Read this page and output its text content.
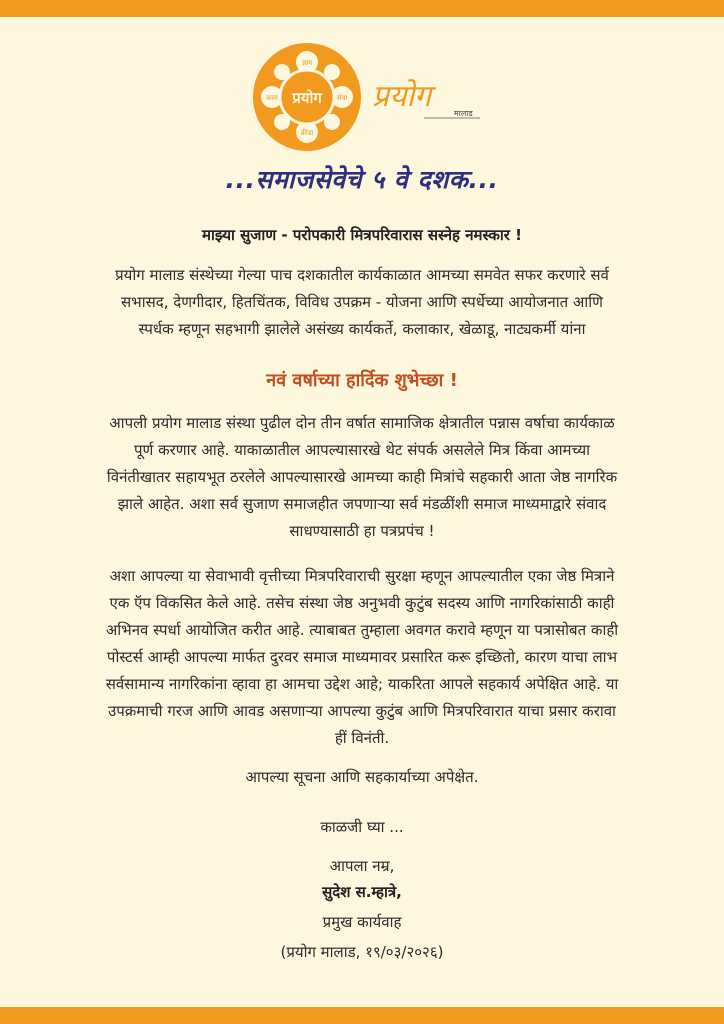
ज्ञान
कला
क्रीडा
सेवा
प्रयोग प्रयोग	मालाड
...समाजसेवेचे ५ वे दशक...
माझ्या सुजाण - परोपकारी मित्रपरिवारास सस्नेह नमस्कार !

प्रयोग मालाड संस्थेच्या गेल्या पाच दशकातील कार्यकाळात आमच्या समवेत सफर करणारे सर्व
सभासद, देणगीदार, हितचिंतक, विविध उपक्रम - योजना आणि स्पर्धेच्या आयोजनात आणि
स्पर्धक म्हणून सहभागी झालेले असंख्य कार्यकर्ते, कलाकार, खेळाडू, नाट्यकर्मी यांना

नवं वर्षाच्या हार्दिक शुभेच्छा !

आपली प्रयोग मालाड संस्था पुढील दोन तीन वर्षात सामाजिक क्षेत्रातील पन्नास वर्षाचा कार्यकाळ
पूर्ण करणार आहे. याकाळातील आपल्यासारखे थेट संपर्क असलेले मित्र किंवा आमच्या
विनंतीखातर सहायभूत ठरलेले आपल्यासारखे आमच्या काही मित्रांचे सहकारी आता जेष्ठ नागरिक
झाले आहेत. अशा सर्व सुजाण समाजहीत जपणाऱ्या सर्व मंडळींशी समाज माध्यमाद्वारे संवाद
साधण्यासाठी हा पत्रप्रपंच !

अशा आपल्या या सेवाभावी वृत्तीच्या मित्रपरिवाराची सुरक्षा म्हणून आपल्यातील एका जेष्ठ मित्राने
एक ऍप विकसित केले आहे. तसेच संस्था जेष्ठ अनुभवी कुटुंब सदस्य आणि नागरिकांसाठी काही
अभिनव स्पर्धा आयोजित करीत आहे. त्याबाबत तुम्हाला अवगत करावे म्हणून या पत्रासोबत काही
पोस्टर्स आम्ही आपल्या मार्फत दुरवर समाज माध्यमावर प्रसारित करू इच्छितो, कारण याचा लाभ
सर्वसामान्य नागरिकांना व्हावा हा आमचा उद्देश आहे; याकरिता आपले सहकार्य अपेक्षित आहे. या
उपक्रमाची गरज आणि आवड असणाऱ्या आपल्या कुटुंब आणि मित्रपरिवारात याचा प्रसार करावा
हीं विनंती.

आपल्या सूचना आणि सहकार्याच्या अपेक्षेत.
काळजी घ्या ...
आपला नम्र,
सुदेश स.म्हात्रे,
प्रमुख कार्यवाह
(प्रयोग मालाड, १९/०३/२०२६)
